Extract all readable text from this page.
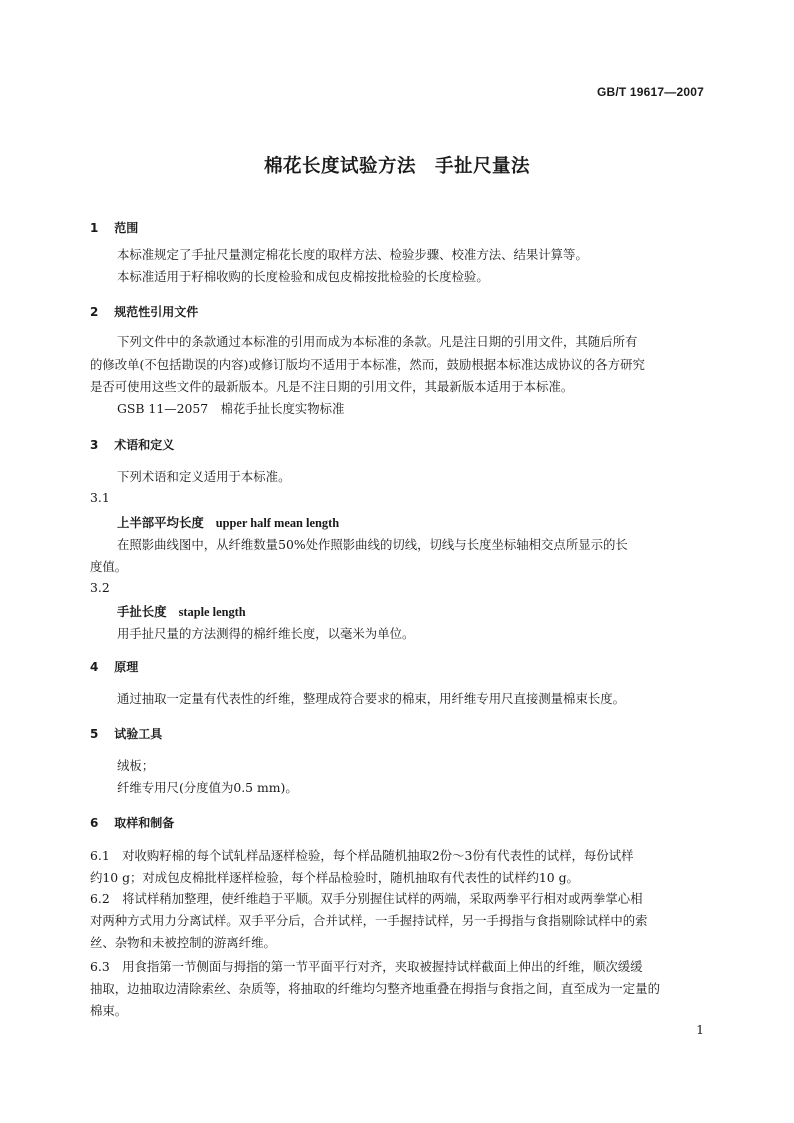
GB/T 19617—2007
棉花长度试验方法　手扯尺量法
1 范围
本标准规定了手扯尺量测定棉花长度的取样方法、检验步骤、校准方法、结果计算等。
本标准适用于籽棉收购的长度检验和成包皮棉按批检验的长度检验。
2 规范性引用文件
下列文件中的条款通过本标准的引用而成为本标准的条款。凡是注日期的引用文件，其随后所有
的修改单(不包括勘误的内容)或修订版均不适用于本标准，然而，鼓励根据本标准达成协议的各方研究
是否可使用这些文件的最新版本。凡是不注日期的引用文件，其最新版本适用于本标准。
GSB 11—2057　棉花手扯长度实物标准
3 术语和定义
下列术语和定义适用于本标准。
3.1
上半部平均长度 upper half mean length
在照影曲线图中，从纤维数量50%处作照影曲线的切线，切线与长度坐标轴相交点所显示的长
度值。
3.2
手扯长度 staple length
用手扯尺量的方法测得的棉纤维长度，以毫米为单位。
4 原理
通过抽取一定量有代表性的纤维，整理成符合要求的棉束，用纤维专用尺直接测量棉束长度。
5 试验工具
绒板；
纤维专用尺(分度值为0.5 mm)。
6 取样和制备
6.1　对收购籽棉的每个试轧样品逐样检验，每个样品随机抽取2份～3份有代表性的试样，每份试样
约10 g；对成包皮棉批样逐样检验，每个样品检验时，随机抽取有代表性的试样约10 g。
6.2　将试样稍加整理，使纤维趋于平顺。双手分别握住试样的两端，采取两拳平行相对或两拳掌心相
对两种方式用力分离试样。双手平分后，合并试样，一手握持试样，另一手拇指与食指剔除试样中的索
丝、杂物和未被控制的游离纤维。
6.3　用食指第一节侧面与拇指的第一节平面平行对齐，夹取被握持试样截面上伸出的纤维，顺次缓缓
抽取，边抽取边清除索丝、杂质等，将抽取的纤维均匀整齐地重叠在拇指与食指之间，直至成为一定量的
棉束。
1
